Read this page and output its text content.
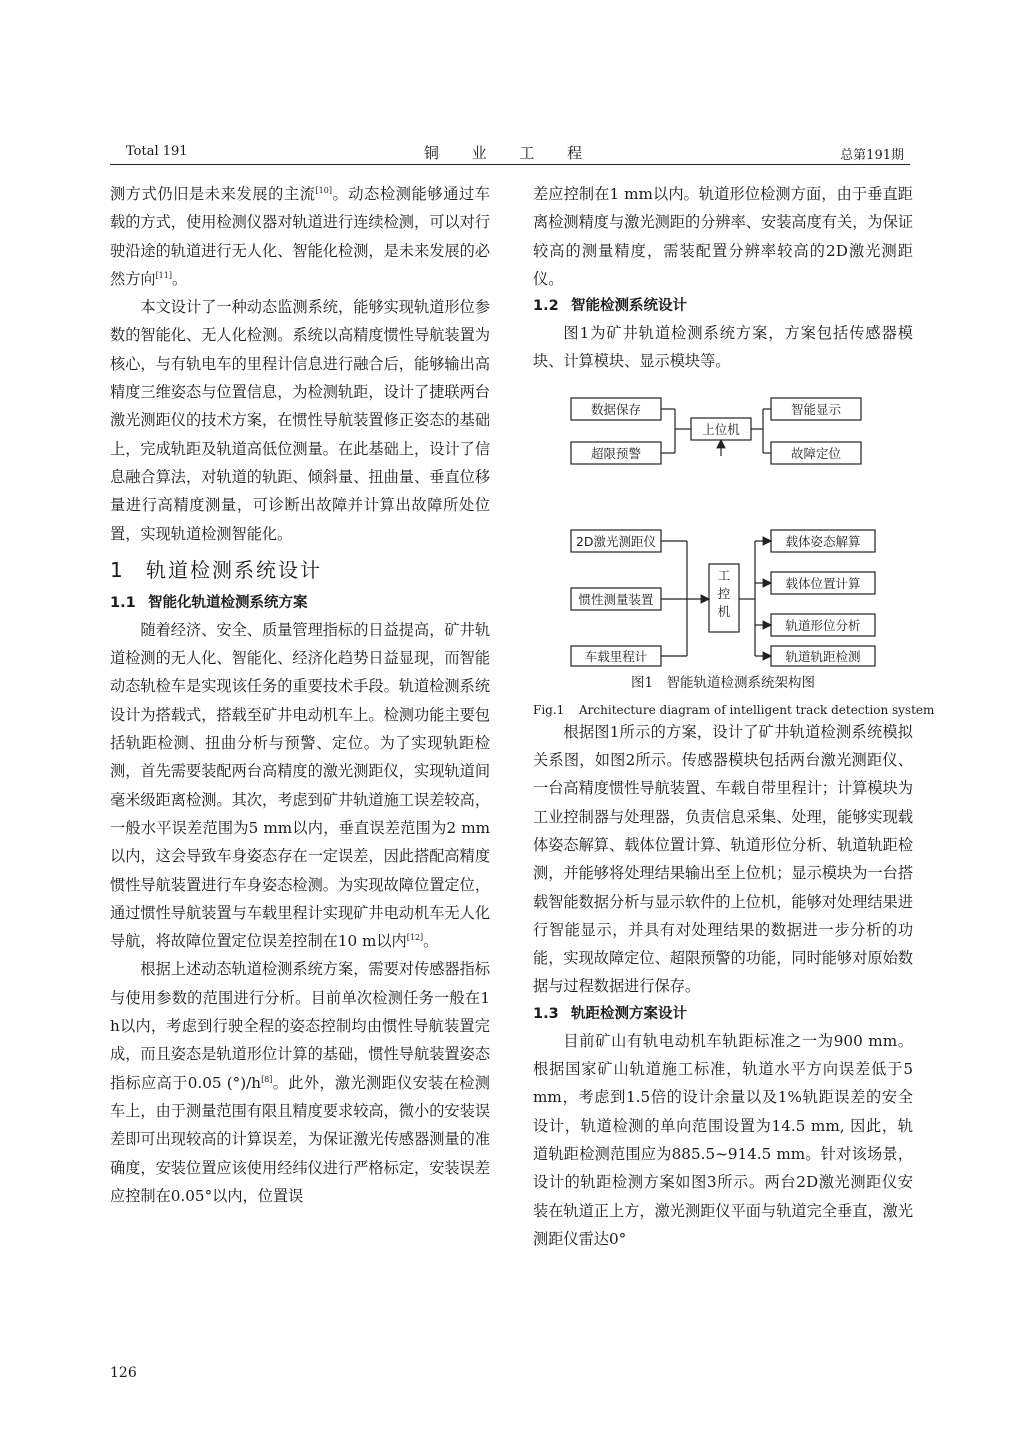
Total 191	铜 业 工 程	总第191期

测方式仍旧是未来发展的主流[10]。动态检测能够通过车载的方式，使用检测仪器对轨道进行连续检测，可以对行驶沿途的轨道进行无人化、智能化检测，是未来发展的必然方向[11]。

本文设计了一种动态监测系统，能够实现轨道形位参数的智能化、无人化检测。系统以高精度惯性导航装置为核心，与有轨电车的里程计信息进行融合后，能够输出高精度三维姿态与位置信息，为检测轨距，设计了捷联两台激光测距仪的技术方案，在惯性导航装置修正姿态的基础上，完成轨距及轨道高低位测量。在此基础上，设计了信息融合算法，对轨道的轨距、倾斜量、扭曲量、垂直位移量进行高精度测量，可诊断出故障并计算出故障所处位置，实现轨道检测智能化。

1 轨道检测系统设计
1.1 智能化轨道检测系统方案

随着经济、安全、质量管理指标的日益提高，矿井轨道检测的无人化、智能化、经济化趋势日益显现，而智能动态轨检车是实现该任务的重要技术手段。轨道检测系统设计为搭载式，搭载至矿井电动机车上。检测功能主要包括轨距检测、扭曲分析与预警、定位。为了实现轨距检测，首先需要装配两台高精度的激光测距仪，实现轨道间毫米级距离检测。其次，考虑到矿井轨道施工误差较高，一般水平误差范围为5 mm以内，垂直误差范围为2 mm以内，这会导致车身姿态存在一定误差，因此搭配高精度惯性导航装置进行车身姿态检测。为实现故障位置定位，通过惯性导航装置与车载里程计实现矿井电动机车无人化导航，将故障位置定位误差控制在10 m以内[12]。

根据上述动态轨道检测系统方案，需要对传感器指标与使用参数的范围进行分析。目前单次检测任务一般在1 h以内，考虑到行驶全程的姿态控制均由惯性导航装置完成，而且姿态是轨道形位计算的基础，惯性导航装置姿态指标应高于0.05 (°)/h[8]。此外，激光测距仪安装在检测车上，由于测量范围有限且精度要求较高，微小的安装误差即可出现较高的计算误差，为保证激光传感器测量的准确度，安装位置应该使用经纬仪进行严格标定，安装误差应控制在0.05°以内，位置误

差应控制在1 mm以内。轨道形位检测方面，由于垂直距离检测精度与激光测距的分辨率、安装高度有关，为保证较高的测量精度，需装配置分辨率较高的2D激光测距仪。

1.2 智能检测系统设计

图1为矿井轨道检测系统方案，方案包括传感器模块、计算模块、显示模块等。

数据保存
超限预警
上位机
智能显示
故障定位
2D激光测距仪
惯性测量装置
车载里程计
工控机
载体姿态解算
载体位置计算
轨道形位分析
轨道轨距检测
图1　智能轨道检测系统架构图
Fig.1 Architecture diagram of intelligent track detection system

根据图1所示的方案，设计了矿井轨道检测系统模拟关系图，如图2所示。传感器模块包括两台激光测距仪、一台高精度惯性导航装置、车载自带里程计；计算模块为工业控制器与处理器，负责信息采集、处理，能够实现载体姿态解算、载体位置计算、轨道形位分析、轨道轨距检测，并能够将处理结果输出至上位机；显示模块为一台搭载智能数据分析与显示软件的上位机，能够对处理结果进行智能显示，并具有对处理结果的数据进一步分析的功能，实现故障定位、超限预警的功能，同时能够对原始数据与过程数据进行保存。

1.3 轨距检测方案设计

目前矿山有轨电动机车轨距标准之一为900 mm。根据国家矿山轨道施工标准，轨道水平方向误差低于5 mm，考虑到1.5倍的设计余量以及1%轨距误差的安全设计，轨道检测的单向范围设置为14.5 mm, 因此，轨道轨距检测范围应为885.5~914.5 mm。针对该场景，设计的轨距检测方案如图3所示。两台2D激光测距仪安装在轨道正上方，激光测距仪平面与轨道完全垂直，激光测距仪雷达0°

126
